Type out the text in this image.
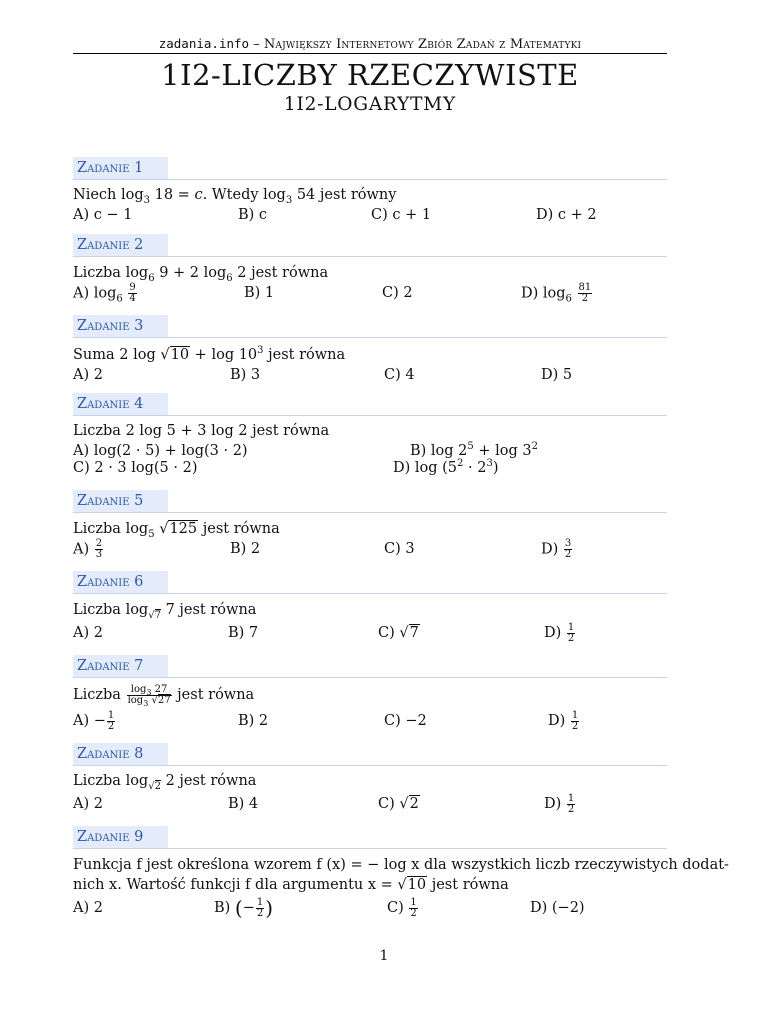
zadania.info – Największy Internetowy Zbiór Zadań z Matematyki
1I2-LICZBY RZECZYWISTE
1I2-LOGARYTMY
Zadanie 1
Niech $\log_3 18 = c$. Wtedy $\log_3 54$ jest równy
A) c − 1	B) c	C) c + 1	D) c + 2
Zadanie 2
Liczba $\log_6 9 + 2$ $\log_6 2$ jest równa
A) $\log_6 \frac{9}{4}$	B) 1	C) 2	D) $\log_6 \frac{81}{2}$
Zadanie 3
Suma 2 $\log √10 + \log 10^3$ jest równa
A) 2	B) 3	C) 4	D) 5
Zadanie 4
Liczba 2 log 5 + 3 log 2 jest równa
A) log(2 · 5) + log(3 · 2)	B) $\log 2^5 + \log 3^2$
C) 2 · 3 log(5 · 2)	D) $\log (5^2 \cdot 2^3)$
Zadanie 5
Liczba $\log_5 √125$ jest równa
$A) \frac{2}{3}$	B) 2	C) 3	$D) \frac{3}{2}$
Zadanie 6
Liczba $\log_{√7} 7$ jest równa
A) 2	B) 7	C) √7	$D) \frac{1}{2}$
Zadanie 7
Liczba $\frac{\log_3 27}{\log_3 √27}$ jest równa
$A) - \frac{1}{2}$	B) 2	C) −2	$D) \frac{1}{2}$
Zadanie 8
Liczba $\log_{√2} 2$ jest równa
A) 2	B) 4	C) √2	$D) \frac{1}{2}$
Zadanie 9
Funkcja f jest określona wzorem f (x) = − log x dla wszystkich liczb rzeczywistych dodat-
nich x. Wartość funkcji f dla argumentu x = √10 jest równa
A) 2	B) (− $\frac{1}{2}$ )	$C) \frac{1}{2}$	D) (−2)
1
